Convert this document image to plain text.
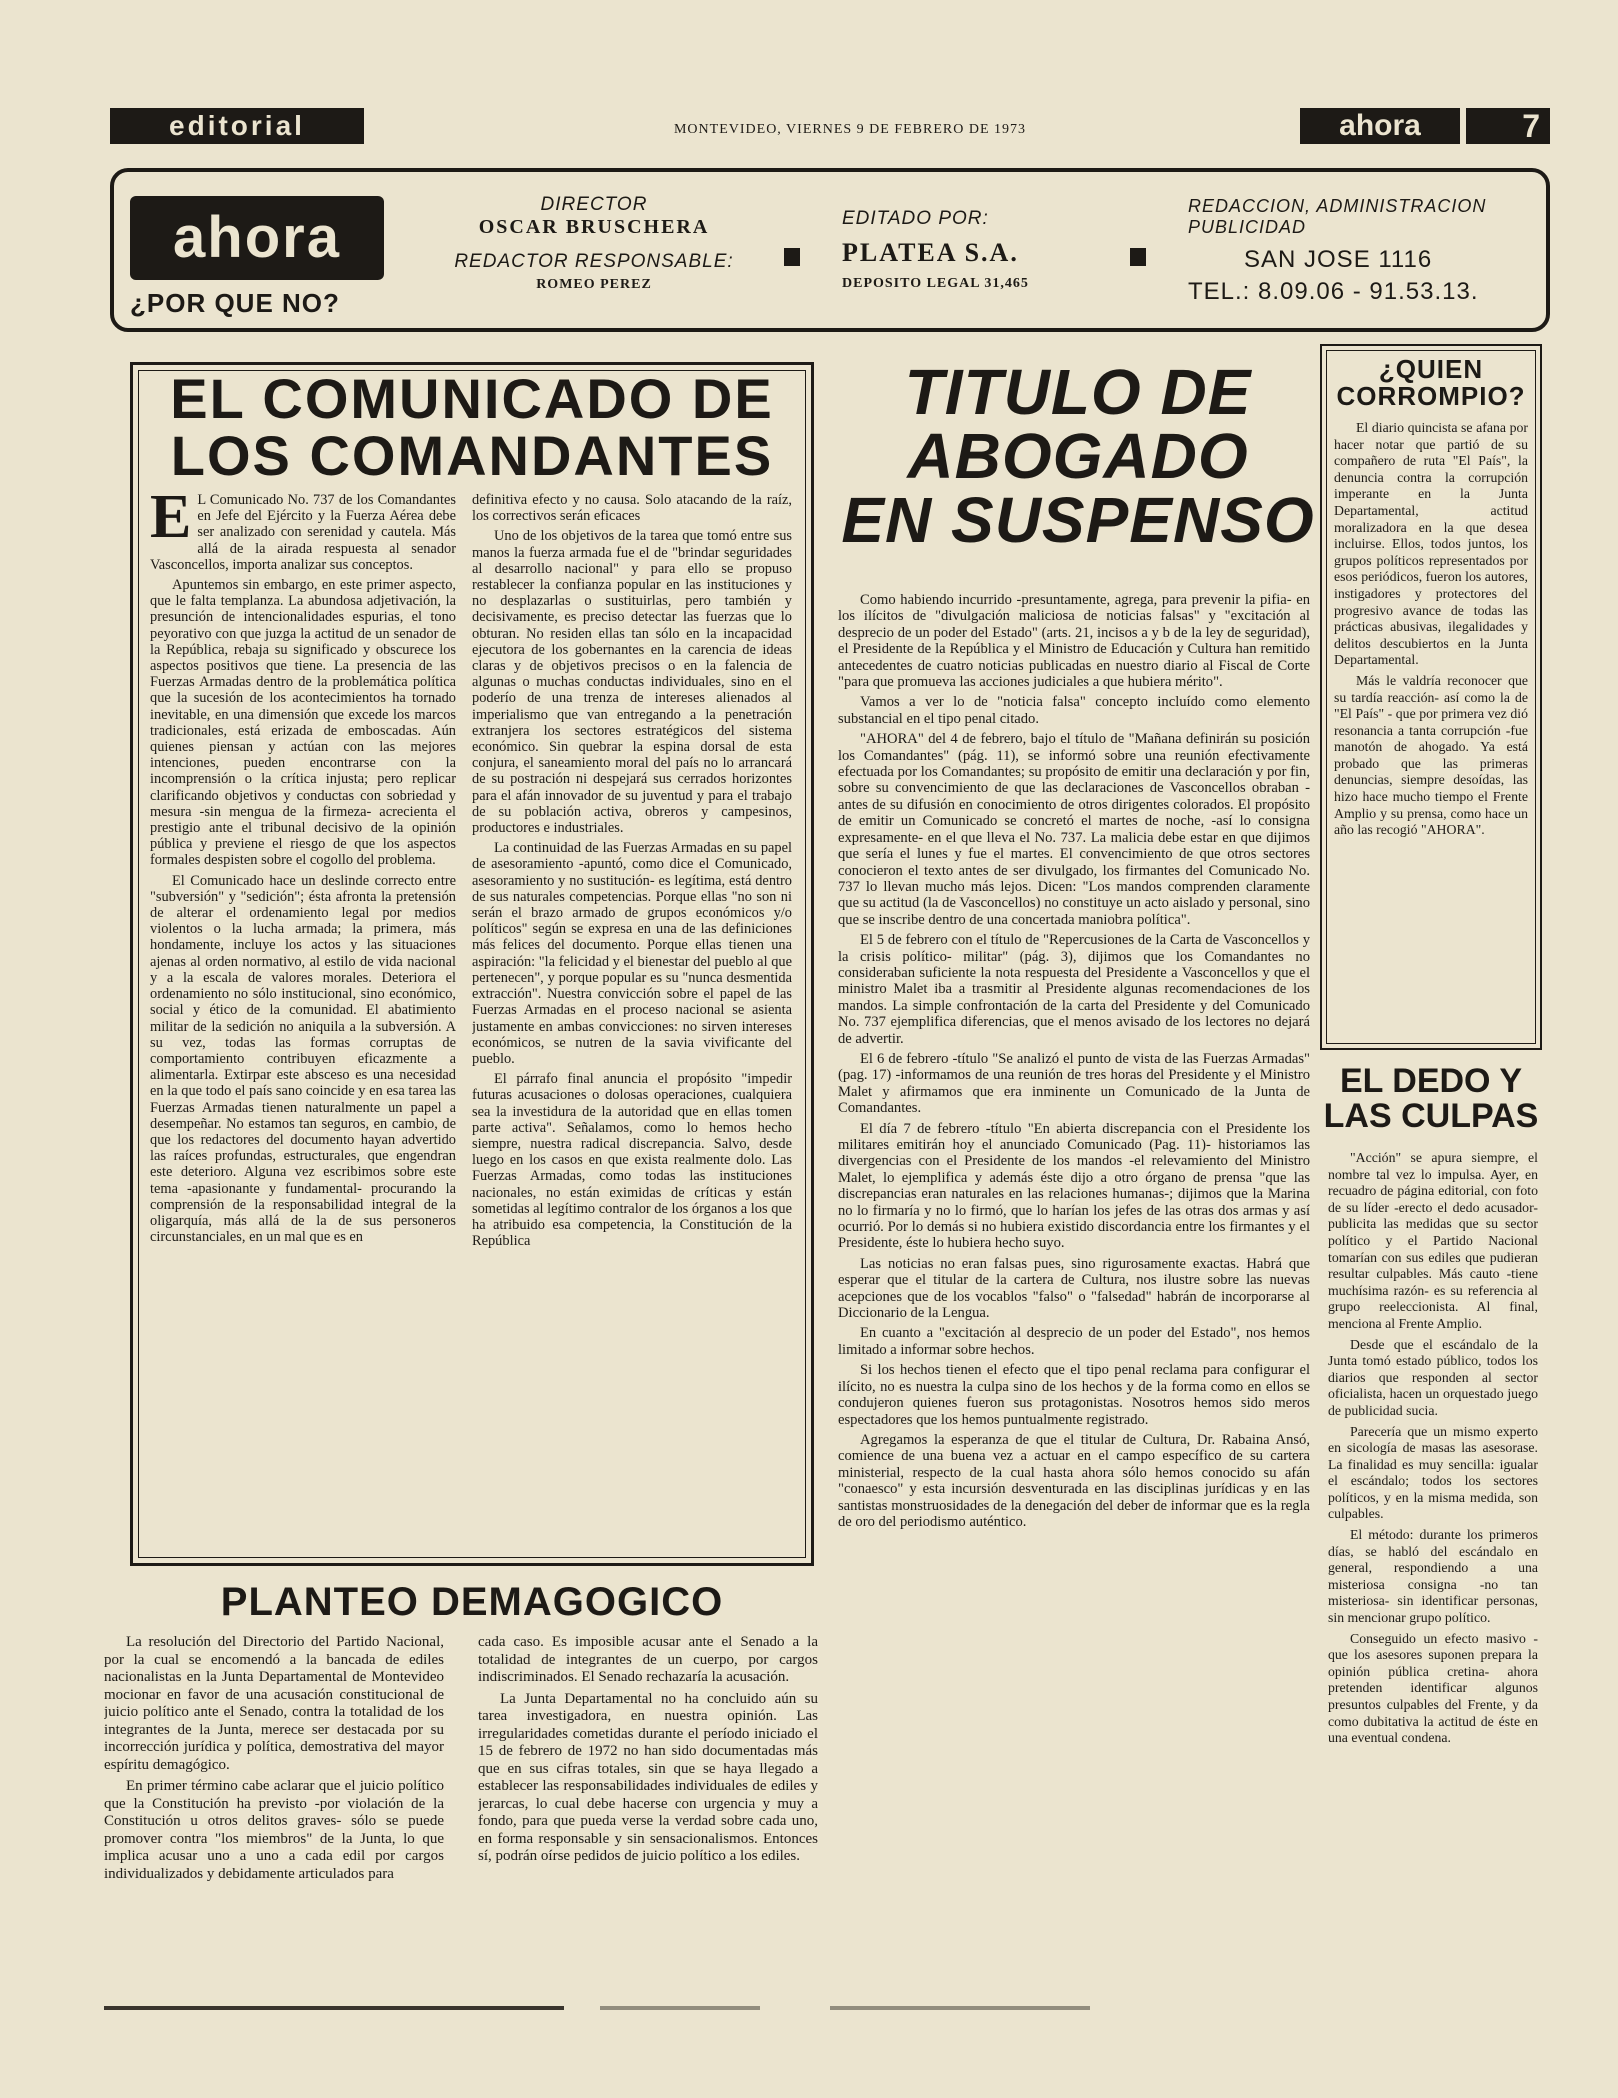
editorial	MONTEVIDEO, VIERNES 9 DE FEBRERO DE 1973	ahora	7
ahora
¿POR QUE NO?
DIRECTOR
OSCAR BRUSCHERA
REDACTOR RESPONSABLE:
ROMEO PEREZ
EDITADO POR:
PLATEA S.A.
DEPOSITO LEGAL 31,465
REDACCION, ADMINISTRACION
PUBLICIDAD
SAN JOSE 1116
TEL.: 8.09.06 - 91.53.13.
EL COMUNICADO DE
LOS COMANDANTES

E L Comunicado No. 737 de los Comandantes en Jefe del Ejército y la Fuerza Aérea debe ser analizado con serenidad y cautela. Más allá de la airada respuesta al senador Vasconcellos, importa analizar sus conceptos.

Apuntemos sin embargo, en este primer aspecto, que le falta templanza. La abundosa adjetivación, la presunción de intencionalidades espurias, el tono peyorativo con que juzga la actitud de un senador de la República, rebaja su significado y obscurece los aspectos positivos que tiene. La presencia de las Fuerzas Armadas dentro de la problemática política que la sucesión de los acontecimientos ha tornado inevitable, en una dimensión que excede los marcos tradicionales, está erizada de emboscadas. Aún quienes piensan y actúan con las mejores intenciones, pueden encontrarse con la incomprensión o la crítica injusta; pero replicar clarificando objetivos y conductas con sobriedad y mesura -sin mengua de la firmeza- acrecienta el prestigio ante el tribunal decisivo de la opinión pública y previene el riesgo de que los aspectos formales despisten sobre el cogollo del problema.

El Comunicado hace un deslinde correcto entre "subversión" y "sedición"; ésta afronta la pretensión de alterar el ordenamiento legal por medios violentos o la lucha armada; la primera, más hondamente, incluye los actos y las situaciones ajenas al orden normativo, al estilo de vida nacional y a la escala de valores morales. Deteriora el ordenamiento no sólo institucional, sino económico, social y ético de la comunidad. El abatimiento militar de la sedición no aniquila a la subversión. A su vez, todas las formas corruptas de comportamiento contribuyen eficazmente a alimentarla. Extirpar este absceso es una necesidad en la que todo el país sano coincide y en esa tarea las Fuerzas Armadas tienen naturalmente un papel a desempeñar. No estamos tan seguros, en cambio, de que los redactores del documento hayan advertido las raíces profundas, estructurales, que engendran este deterioro. Alguna vez escribimos sobre este tema -apasionante y fundamental- procurando la comprensión de la responsabilidad integral de la oligarquía, más allá de la de sus personeros circunstanciales, en un mal que es en

definitiva efecto y no causa. Solo atacando de la raíz, los correctivos serán eficaces

Uno de los objetivos de la tarea que tomó entre sus manos la fuerza armada fue el de "brindar seguridades al desarrollo nacional" y para ello se propuso restablecer la confianza popular en las instituciones y no desplazarlas o sustituirlas, pero también y decisivamente, es preciso detectar las fuerzas que lo obturan. No residen ellas tan sólo en la incapacidad ejecutora de los gobernantes en la carencia de ideas claras y de objetivos precisos o en la falencia de algunas o muchas conductas individuales, sino en el poderío de una trenza de intereses alienados al imperialismo que van entregando a la penetración extranjera los sectores estratégicos del sistema económico. Sin quebrar la espina dorsal de esta conjura, el saneamiento moral del país no lo arrancará de su postración ni despejará sus cerrados horizontes para el afán innovador de su juventud y para el trabajo de su población activa, obreros y campesinos, productores e industriales.

La continuidad de las Fuerzas Armadas en su papel de asesoramiento -apuntó, como dice el Comunicado, asesoramiento y no sustitución- es legítima, está dentro de sus naturales competencias. Porque ellas "no son ni serán el brazo armado de grupos económicos y/o políticos" según se expresa en una de las definiciones más felices del documento. Porque ellas tienen una aspiración: "la felicidad y el bienestar del pueblo al que pertenecen", y porque popular es su "nunca desmentida extracción". Nuestra convicción sobre el papel de las Fuerzas Armadas en el proceso nacional se asienta justamente en ambas convicciones: no sirven intereses económicos, se nutren de la savia vivificante del pueblo.

El párrafo final anuncia el propósito "impedir futuras acusaciones o dolosas operaciones, cualquiera sea la investidura de la autoridad que en ellas tomen parte activa". Señalamos, como lo hemos hecho siempre, nuestra radical discrepancia. Salvo, desde luego en los casos en que exista realmente dolo. Las Fuerzas Armadas, como todas las instituciones nacionales, no están eximidas de críticas y están sometidas al legítimo contralor de los órganos a los que ha atribuido esa competencia, la Constitución de la República

PLANTEO DEMAGOGICO

La resolución del Directorio del Partido Nacional, por la cual se encomendó a la bancada de ediles nacionalistas en la Junta Departamental de Montevideo mocionar en favor de una acusación constitucional de juicio político ante el Senado, contra la totalidad de los integrantes de la Junta, merece ser destacada por su incorrección jurídica y política, demostrativa del mayor espíritu demagógico.

En primer término cabe aclarar que el juicio político que la Constitución ha previsto -por violación de la Constitución u otros delitos graves- sólo se puede promover contra "los miembros" de la Junta, lo que implica acusar uno a uno a cada edil por cargos individualizados y debidamente articulados para

cada caso. Es imposible acusar ante el Senado a la totalidad de integrantes de un cuerpo, por cargos indiscriminados. El Senado rechazaría la acusación.

La Junta Departamental no ha concluido aún su tarea investigadora, en nuestra opinión. Las irregularidades cometidas durante el período iniciado el 15 de febrero de 1972 no han sido documentadas más que en sus cifras totales, sin que se haya llegado a establecer las responsabilidades individuales de ediles y jerarcas, lo cual debe hacerse con urgencia y muy a fondo, para que pueda verse la verdad sobre cada uno, en forma responsable y sin sensacionalismos. Entonces sí, podrán oírse pedidos de juicio político a los ediles.

TITULO DE
ABOGADO
EN SUSPENSO

Como habiendo incurrido -presuntamente, agrega, para prevenir la pifia- en los ilícitos de "divulgación maliciosa de noticias falsas" y "excitación al desprecio de un poder del Estado" (arts. 21, incisos a y b de la ley de seguridad), el Presidente de la República y el Ministro de Educación y Cultura han remitido antecedentes de cuatro noticias publicadas en nuestro diario al Fiscal de Corte "para que promueva las acciones judiciales a que hubiera mérito".

Vamos a ver lo de "noticia falsa" concepto incluído como elemento substancial en el tipo penal citado.

"AHORA" del 4 de febrero, bajo el título de "Mañana definirán su posición los Comandantes" (pág. 11), se informó sobre una reunión efectivamente efectuada por los Comandantes; su propósito de emitir una declaración y por fin, sobre su convencimiento de que las declaraciones de Vasconcellos obraban -antes de su difusión en conocimiento de otros dirigentes colorados. El propósito de emitir un Comunicado se concretó el martes de noche, -así lo consigna expresamente- en el que lleva el No. 737. La malicia debe estar en que dijimos que sería el lunes y fue el martes. El convencimiento de que otros sectores conocieron el texto antes de ser divulgado, los firmantes del Comunicado No. 737 lo llevan mucho más lejos. Dicen: "Los mandos comprenden claramente que su actitud (la de Vasconcellos) no constituye un acto aislado y personal, sino que se inscribe dentro de una concertada maniobra política".

El 5 de febrero con el título de "Repercusiones de la Carta de Vasconcellos y la crisis político- militar" (pág. 3), dijimos que los Comandantes no consideraban suficiente la nota respuesta del Presidente a Vasconcellos y que el ministro Malet iba a trasmitir al Presidente algunas recomendaciones de los mandos. La simple confrontación de la carta del Presidente y del Comunicado No. 737 ejemplifica diferencias, que el menos avisado de los lectores no dejará de advertir.

El 6 de febrero -título "Se analizó el punto de vista de las Fuerzas Armadas" (pag. 17) -informamos de una reunión de tres horas del Presidente y el Ministro Malet y afirmamos que era inminente un Comunicado de la Junta de Comandantes.

El día 7 de febrero -título "En abierta discrepancia con el Presidente los militares emitirán hoy el anunciado Comunicado (Pag. 11)- historiamos las divergencias con el Presidente de los mandos -el relevamiento del Ministro Malet, lo ejemplifica y además éste dijo a otro órgano de prensa "que las discrepancias eran naturales en las relaciones humanas-; dijimos que la Marina no lo firmaría y no lo firmó, que lo harían los jefes de las otras dos armas y así ocurrió. Por lo demás si no hubiera existido discordancia entre los firmantes y el Presidente, éste lo hubiera hecho suyo.

Las noticias no eran falsas pues, sino rigurosamente exactas. Habrá que esperar que el titular de la cartera de Cultura, nos ilustre sobre las nuevas acepciones que de los vocablos "falso" o "falsedad" habrán de incorporarse al Diccionario de la Lengua.

En cuanto a "excitación al desprecio de un poder del Estado", nos hemos limitado a informar sobre hechos.

Si los hechos tienen el efecto que el tipo penal reclama para configurar el ilícito, no es nuestra la culpa sino de los hechos y de la forma como en ellos se condujeron quienes fueron sus protagonistas. Nosotros hemos sido meros espectadores que los hemos puntualmente registrado.

Agregamos la esperanza de que el titular de Cultura, Dr. Rabaina Ansó, comience de una buena vez a actuar en el campo específico de su cartera ministerial, respecto de la cual hasta ahora sólo hemos conocido su afán "conaesco" y esta incursión desventurada en las disciplinas jurídicas y en las santistas monstruosidades de la denegación del deber de informar que es la regla de oro del periodismo auténtico.

¿QUIEN
CORROMPIO?

El diario quincista se afana por hacer notar que partió de su compañero de ruta "El País", la denuncia contra la corrupción imperante en la Junta Departamental, actitud moralizadora en la que desea incluirse. Ellos, todos juntos, los grupos políticos representados por esos periódicos, fueron los autores, instigadores y protectores del progresivo avance de todas las prácticas abusivas, ilegalidades y delitos descubiertos en la Junta Departamental.

Más le valdría reconocer que su tardía reacción- así como la de "El País" - que por primera vez dió resonancia a tanta corrupción -fue manotón de ahogado. Ya está probado que las primeras denuncias, siempre desoídas, las hizo hace mucho tiempo el Frente Amplio y su prensa, como hace un año las recogió "AHORA".

EL DEDO Y
LAS CULPAS

"Acción" se apura siempre, el nombre tal vez lo impulsa. Ayer, en recuadro de página editorial, con foto de su líder -erecto el dedo acusador- publicita las medidas que su sector político y el Partido Nacional tomarían con sus ediles que pudieran resultar culpables. Más cauto -tiene muchísima razón- es su referencia al grupo reeleccionista. Al final, menciona al Frente Amplio.

Desde que el escándalo de la Junta tomó estado público, todos los diarios que responden al sector oficialista, hacen un orquestado juego de publicidad sucia.

Parecería que un mismo experto en sicología de masas las asesorase. La finalidad es muy sencilla: igualar el escándalo; todos los sectores políticos, y en la misma medida, son culpables.

El método: durante los primeros días, se habló del escándalo en general, respondiendo a una misteriosa consigna -no tan misteriosa- sin identificar personas, sin mencionar grupo político.

Conseguido un efecto masivo -que los asesores suponen prepara la opinión pública cretina- ahora pretenden identificar algunos presuntos culpables del Frente, y da como dubitativa la actitud de éste en una eventual condena.
